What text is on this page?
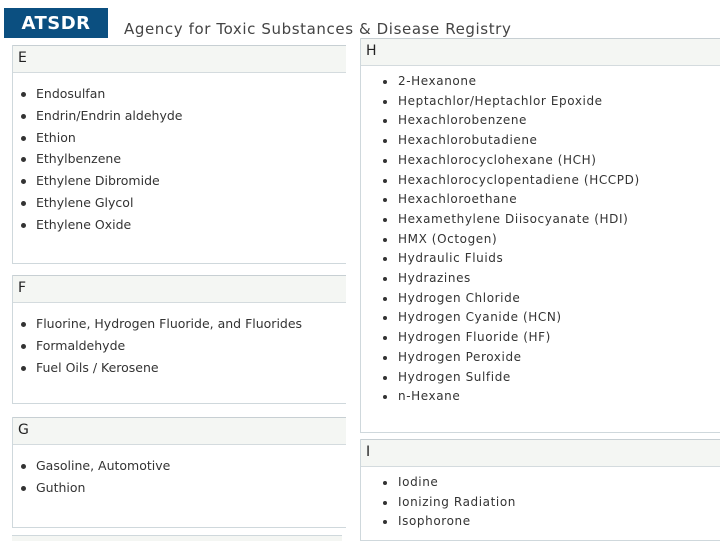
ATSDR Agency for Toxic Substances & Disease Registry
E
Endosulfan
Endrin/Endrin aldehyde
Ethion
Ethylbenzene
Ethylene Dibromide
Ethylene Glycol
Ethylene Oxide
F
Fluorine, Hydrogen Fluoride, and Fluorides
Formaldehyde
Fuel Oils / Kerosene
G
Gasoline, Automotive
Guthion
H
2-Hexanone
Heptachlor/Heptachlor Epoxide
Hexachlorobenzene
Hexachlorobutadiene
Hexachlorocyclohexane (HCH)
Hexachlorocyclopentadiene (HCCPD)
Hexachloroethane
Hexamethylene Diisocyanate (HDI)
HMX (Octogen)
Hydraulic Fluids
Hydrazines
Hydrogen Chloride
Hydrogen Cyanide (HCN)
Hydrogen Fluoride (HF)
Hydrogen Peroxide
Hydrogen Sulfide
n-Hexane
I
Iodine
Ionizing Radiation
Isophorone
